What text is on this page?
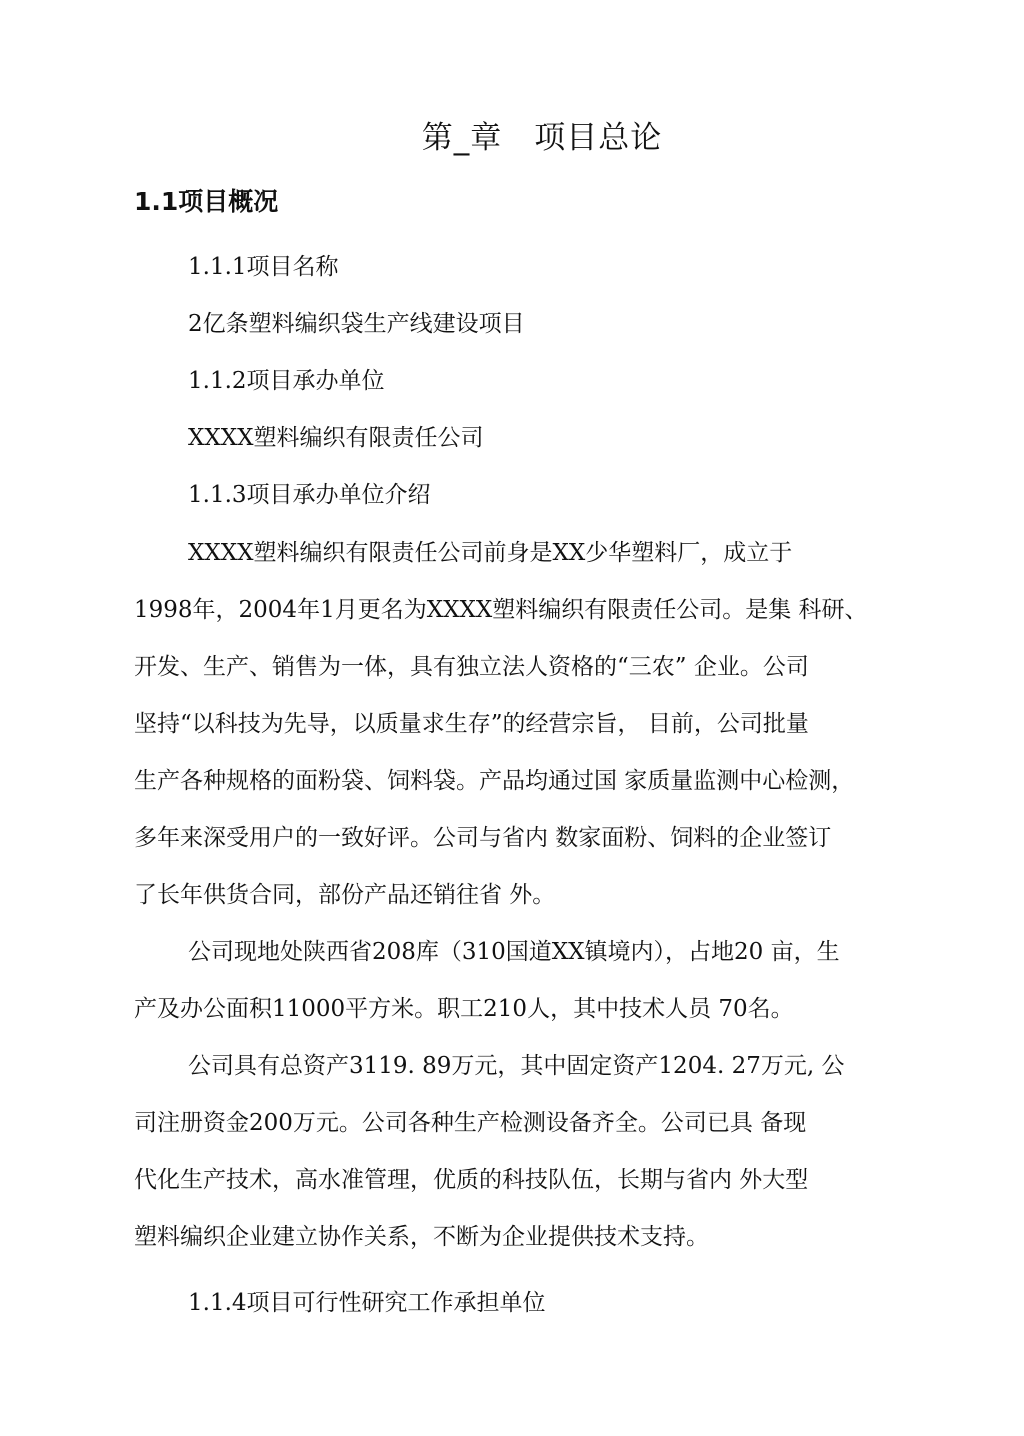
第_章　项目总论
1.1项目概况
1.1.1项目名称
2亿条塑料编织袋生产线建设项目
1.1.2项目承办单位
XXXX塑料编织有限责任公司
1.1.3项目承办单位介绍
XXXX塑料编织有限责任公司前身是XX少华塑料厂，成立于
1998年，2004年1月更名为XXXX塑料编织有限责任公司。是集 科研、
开发、生产、销售为一体，具有独立法人资格的“三农” 企业。公司
坚持“以科技为先导，以质量求生存”的经营宗旨， 目前，公司批量
生产各种规格的面粉袋、饲料袋。产品均通过国 家质量监测中心检测，
多年来深受用户的一致好评。公司与省内 数家面粉、饲料的企业签订
了长年供货合同，部份产品还销往省 外。
公司现地处陕西省208库（310国道XX镇境内），占地20 亩，生
产及办公面积11000平方米。职工210人，其中技术人员 70名。
公司具有总资产3119. 89万元，其中固定资产1204. 27万元, 公
司注册资金200万元。公司各种生产检测设备齐全。公司已具 备现
代化生产技术，高水准管理，优质的科技队伍，长期与省内 外大型
塑料编织企业建立协作关系，不断为企业提供技术支持。
1.1.4项目可行性研究工作承担单位
